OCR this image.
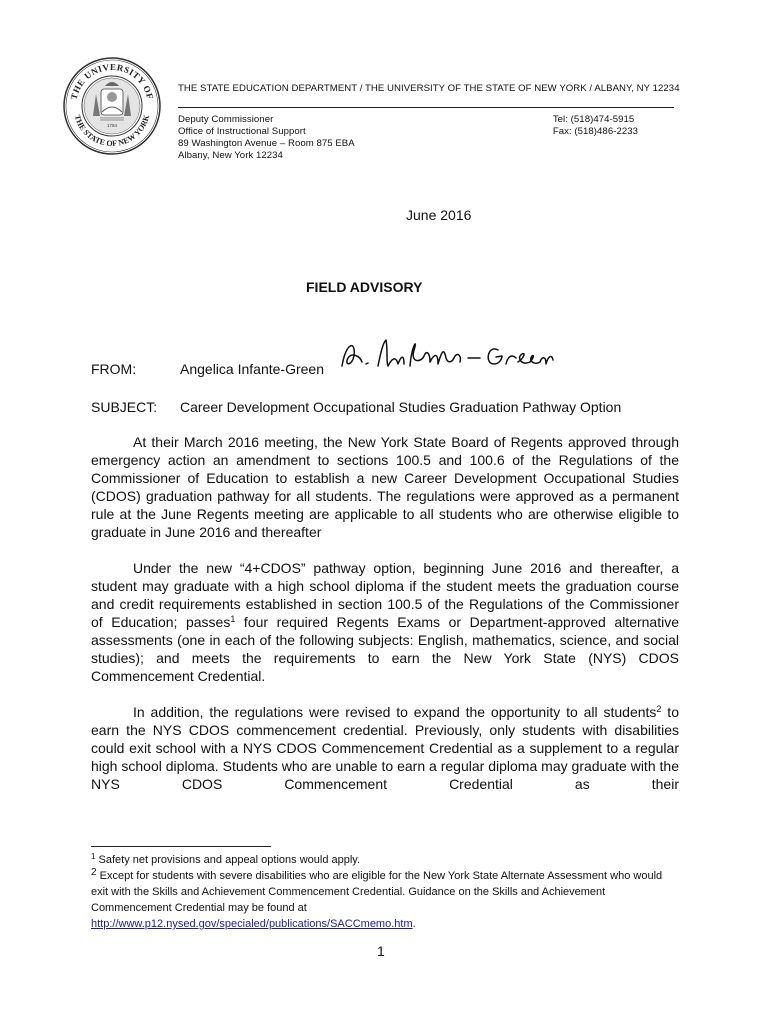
THE UNIVERSITY OF
THE STATE OF NEW YORK
1784
THE STATE EDUCATION DEPARTMENT / THE UNIVERSITY OF THE STATE OF NEW YORK / ALBANY, NY 12234
Deputy Commissioner
Office of Instructional Support
89 Washington Avenue – Room 875 EBA
Albany, New York 12234
Tel: (518)474-5915
Fax: (518)486-2233
June 2016
FIELD ADVISORY
FROM:	Angelica Infante-Green
SUBJECT: Career Development Occupational Studies Graduation Pathway Option

At their March 2016 meeting, the New York State Board of Regents approved through emergency action an amendment to sections 100.5 and 100.6 of the Regulations of the Commissioner of Education to establish a new Career Development Occupational Studies (CDOS) graduation pathway for all students. The regulations were approved as a permanent rule at the June Regents meeting are applicable to all students who are otherwise eligible to graduate in June 2016 and thereafter

Under the new “4+CDOS” pathway option, beginning June 2016 and thereafter, a student may graduate with a high school diploma if the student meets the graduation course and credit requirements established in section 100.5 of the Regulations of the Commissioner of Education; passes$^1$ four required Regents Exams or Department-approved alternative assessments (one in each of the following subjects: English, mathematics, science, and social studies); and meets the requirements to earn the New York State (NYS) CDOS Commencement Credential.

In addition, the regulations were revised to expand the opportunity to all students$^2$ to earn the NYS CDOS commencement credential. Previously, only students with disabilities could exit school with a NYS CDOS Commencement Credential as a supplement to a regular high school diploma. Students who are unable to earn a regular diploma may graduate with the NYS CDOS Commencement Credential as their

$^1$ Safety net provisions and appeal options would apply.
$^2$ Except for students with severe disabilities who are eligible for the New York State Alternate Assessment who would exit with the Skills and Achievement Commencement Credential. Guidance on the Skills and Achievement Commencement Credential may be found at
http://www.p12.nysed.gov/specialed/publications/SACCmemo.htm.
1
